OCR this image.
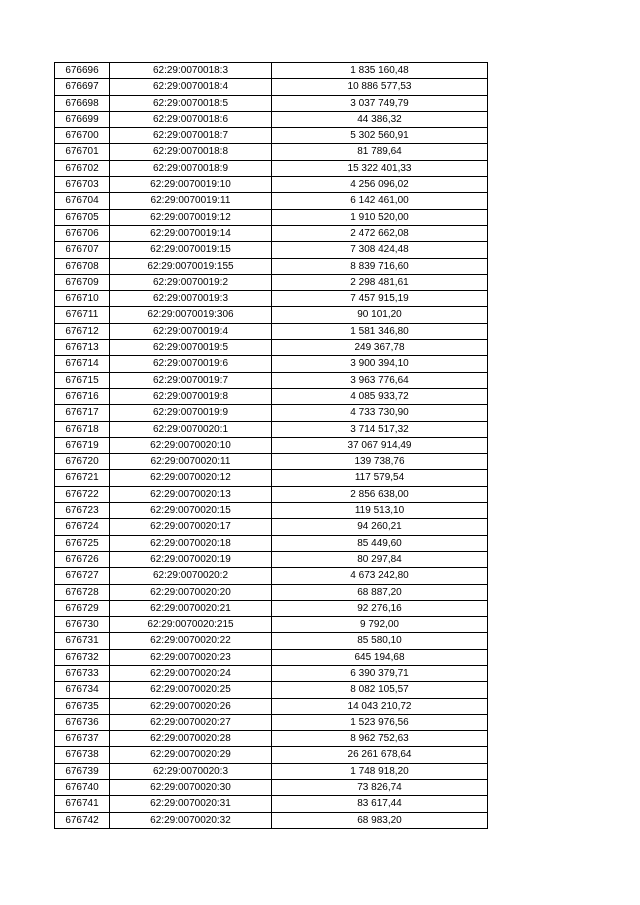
676696	62:29:0070018:3	1 835 160,48
676697	62:29:0070018:4	10 886 577,53
676698	62:29:0070018:5	3 037 749,79
676699	62:29:0070018:6	44 386,32
676700	62:29:0070018:7	5 302 560,91
676701	62:29:0070018:8	81 789,64
676702	62:29:0070018:9	15 322 401,33
676703	62:29:0070019:10	4 256 096,02
676704	62:29:0070019:11	6 142 461,00
676705	62:29:0070019:12	1 910 520,00
676706	62:29:0070019:14	2 472 662,08
676707	62:29:0070019:15	7 308 424,48
676708	62:29:0070019:155	8 839 716,60
676709	62:29:0070019:2	2 298 481,61
676710	62:29:0070019:3	7 457 915,19
676711	62:29:0070019:306	90 101,20
676712	62:29:0070019:4	1 581 346,80
676713	62:29:0070019:5	249 367,78
676714	62:29:0070019:6	3 900 394,10
676715	62:29:0070019:7	3 963 776,64
676716	62:29:0070019:8	4 085 933,72
676717	62:29:0070019:9	4 733 730,90
676718	62:29:0070020:1	3 714 517,32
676719	62:29:0070020:10	37 067 914,49
676720	62:29:0070020:11	139 738,76
676721	62:29:0070020:12	117 579,54
676722	62:29:0070020:13	2 856 638,00
676723	62:29:0070020:15	119 513,10
676724	62:29:0070020:17	94 260,21
676725	62:29:0070020:18	85 449,60
676726	62:29:0070020:19	80 297,84
676727	62:29:0070020:2	4 673 242,80
676728	62:29:0070020:20	68 887,20
676729	62:29:0070020:21	92 276,16
676730	62:29:0070020:215	9 792,00
676731	62:29:0070020:22	85 580,10
676732	62:29:0070020:23	645 194,68
676733	62:29:0070020:24	6 390 379,71
676734	62:29:0070020:25	8 082 105,57
676735	62:29:0070020:26	14 043 210,72
676736	62:29:0070020:27	1 523 976,56
676737	62:29:0070020:28	8 962 752,63
676738	62:29:0070020:29	26 261 678,64
676739	62:29:0070020:3	1 748 918,20
676740	62:29:0070020:30	73 826,74
676741	62:29:0070020:31	83 617,44
676742	62:29:0070020:32	68 983,20
